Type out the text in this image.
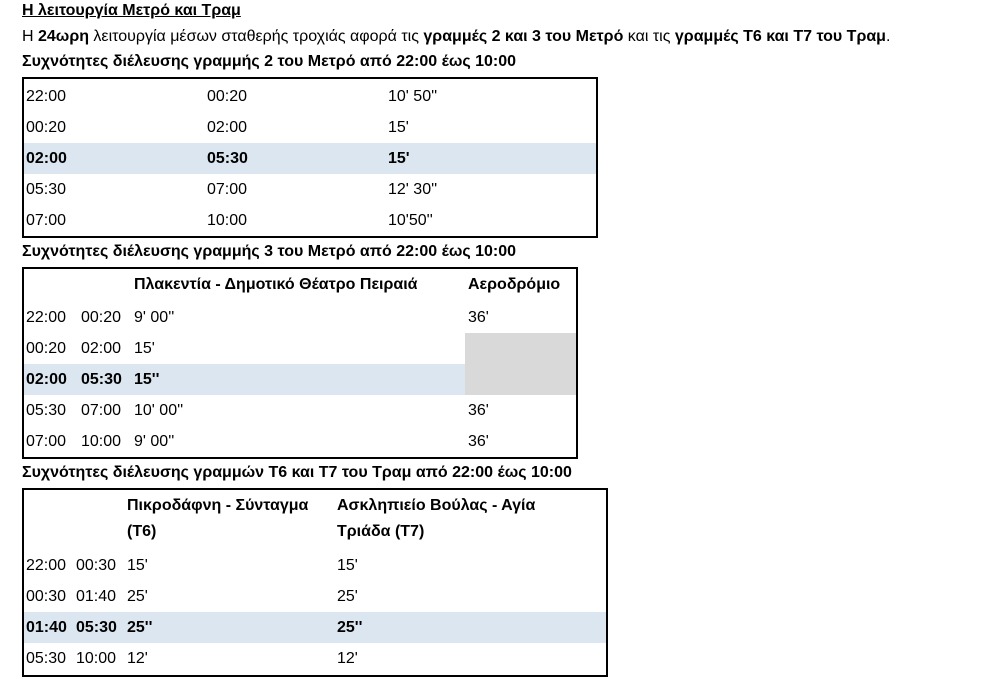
Η λειτουργία Μετρό και Τραμ
Η 24ωρη λειτουργία μέσων σταθερής τροχιάς αφορά τις γραμμές 2 και 3 του Μετρό και τις γραμμές Τ6 και Τ7 του Τραμ.
Συχνότητες διέλευσης γραμμής 2 του Μετρό από 22:00 έως 10:00
22:00	00:20	10' 50''
00:20	02:00	15'
02:00	05:30	15'
05:30	07:00	12' 30''
07:00	10:00	10'50''
Συχνότητες διέλευσης γραμμής 3 του Μετρό από 22:00 έως 10:00
Πλακεντία - Δημοτικό Θέατρο Πειραιά	Αεροδρόμιο
22:00 00:20 9' 00''	36'
00:20 02:00 15'
02:00 05:30 15''
05:30 07:00 10' 00''	36'
07:00 10:00 9' 00''	36'
Συχνότητες διέλευσης γραμμών Τ6 και Τ7 του Τραμ από 22:00 έως 10:00
Πικροδάφνη - Σύνταγμα
(Τ6)
Ασκληπιείο Βούλας - Αγία
Τριάδα (Τ7)
22:00 00:30 15'	15'
00:30 01:40 25'	25'
01:40 05:30 25''	25''
05:30 10:00 12'	12'
